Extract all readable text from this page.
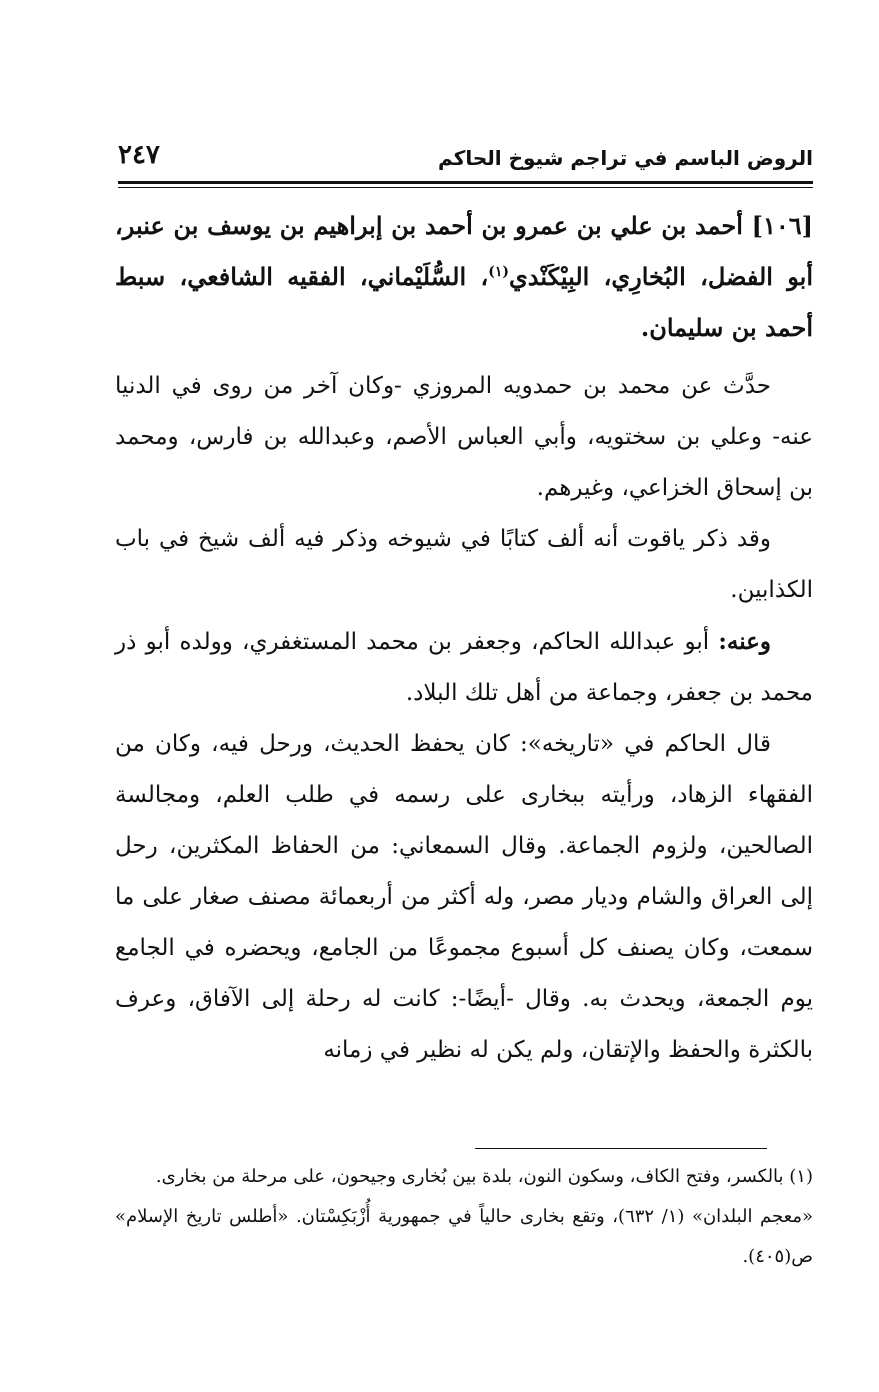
الروض الباسم في تراجم شيوخ الحاكم
٢٤٧

[١٠٦] أحمد بن علي بن عمرو بن أحمد بن إبراهيم بن يوسف بن عنبر، أبو الفضل، البُخارِي، البِيْكَنْدي$^{(١)}$، السُّلَيْماني، الفقيه الشافعي، سبط أحمد بن سليمان.

حدَّث عن محمد بن حمدويه المروزي -وكان آخر من روى في الدنيا عنه- وعلي بن سختويه، وأبي العباس الأصم، وعبدالله بن فارس، ومحمد بن إسحاق الخزاعي، وغيرهم.

وقد ذكر ياقوت أنه ألف كتابًا في شيوخه وذكر فيه ألف شيخ في باب الكذابين.

وعنه: أبو عبدالله الحاكم، وجعفر بن محمد المستغفري، وولده أبو ذر محمد بن جعفر، وجماعة من أهل تلك البلاد.

قال الحاكم في «تاريخه»: كان يحفظ الحديث، ورحل فيه، وكان من الفقهاء الزهاد، ورأيته ببخارى على رسمه في طلب العلم، ومجالسة الصالحين، ولزوم الجماعة. وقال السمعاني: من الحفاظ المكثرين، رحل إلى العراق والشام وديار مصر، وله أكثر من أربعمائة مصنف صغار على ما سمعت، وكان يصنف كل أسبوع مجموعًا من الجامع، ويحضره في الجامع يوم الجمعة، ويحدث به. وقال -أيضًا-: كانت له رحلة إلى الآفاق، وعرف بالكثرة والحفظ والإتقان، ولم يكن له نظير في زمانه

(١) بالكسر، وفتح الكاف، وسكون النون، بلدة بين بُخارى وجيحون، على مرحلة من بخارى.

«معجم البلدان» (١/ ٦٣٢)، وتقع بخارى حالياً في جمهورية أُزْبَكِسْتان. «أطلس تاريخ الإسلام» ص(٤٠٥).
